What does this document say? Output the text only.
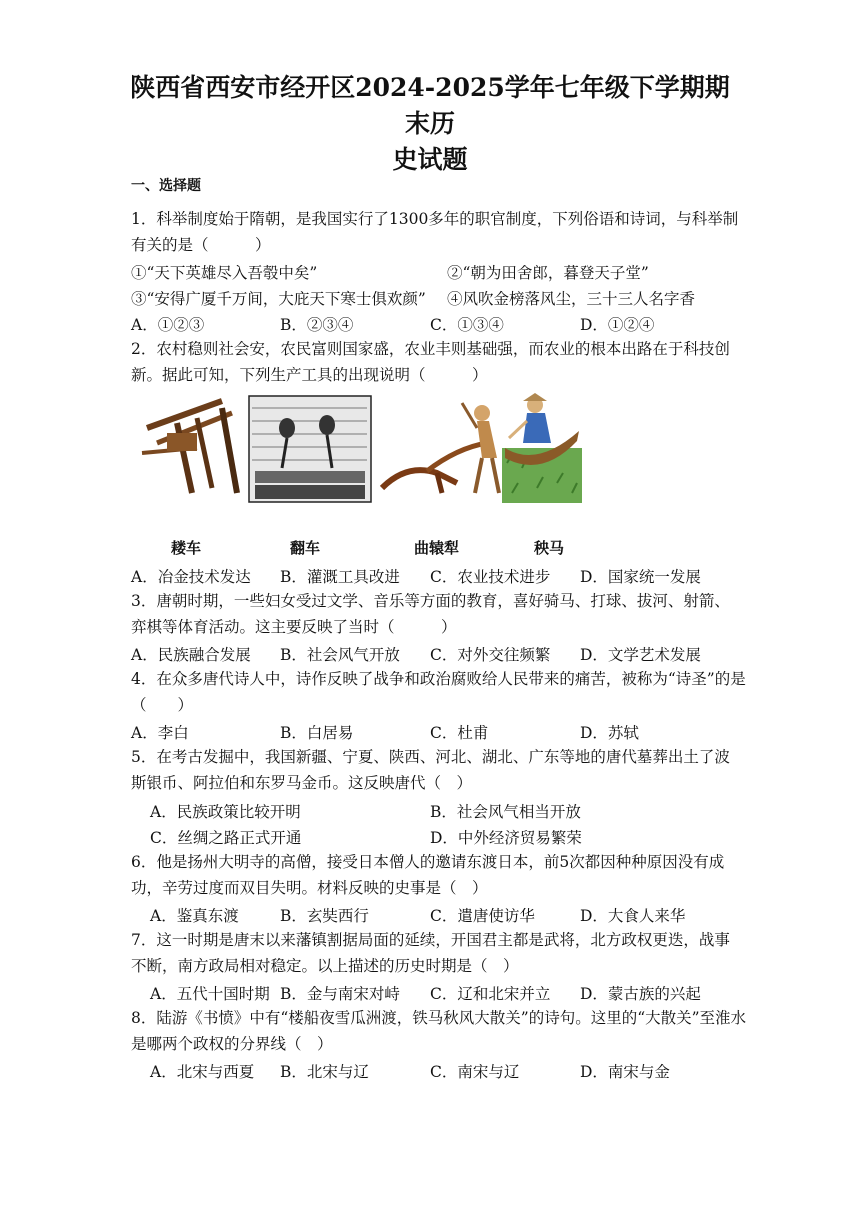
陕西省西安市经开区2024-2025学年七年级下学期期末历
史试题
一、选择题
1．科举制度始于隋朝，是我国实行了1300多年的职官制度，下列俗语和诗词，与科举制
有关的是（　　　）
①“天下英雄尽入吾彀中矣”	②“朝为田舍郎，暮登天子堂”
③“安得广厦千万间，大庇天下寒士俱欢颜” ④风吹金榜落风尘，三十三人名字香
A．①②③	B．②③④	C．①③④	D．①②④
2．农村稳则社会安，农民富则国家盛，农业丰则基础强，而农业的根本出路在于科技创
新。据此可知，下列生产工具的出现说明（　　　）
耧车	翻车	曲辕犁	秧马
A．冶金技术发达 B．灌溉工具改进 C．农业技术进步 D．国家统一发展
3．唐朝时期，一些妇女受过文学、音乐等方面的教育，喜好骑马、打球、拔河、射箭、
弈棋等体育活动。这主要反映了当时（　　　）
A．民族融合发展 B．社会风气开放 C．对外交往频繁 D．文学艺术发展
4．在众多唐代诗人中，诗作反映了战争和政治腐败给人民带来的痛苦，被称为“诗圣”的是
（　　）
A．李白	B．白居易	C．杜甫	D．苏轼
5．在考古发掘中，我国新疆、宁夏、陕西、河北、湖北、广东等地的唐代墓葬出土了波
斯银币、阿拉伯和东罗马金币。这反映唐代（　）
A．民族政策比较开明	B．社会风气相当开放
C．丝绸之路正式开通	D．中外经济贸易繁荣
6．他是扬州大明寺的高僧，接受日本僧人的邀请东渡日本，前5次都因种种原因没有成
功，辛劳过度而双目失明。材料反映的史事是（　）
A．鉴真东渡	B．玄奘西行	C．遣唐使访华	D．大食人来华
7．这一时期是唐末以来藩镇割据局面的延续，开国君主都是武将，北方政权更迭，战事
不断，南方政局相对稳定。以上描述的历史时期是（　）
A．五代十国时期 B．金与南宋对峙 C．辽和北宋并立 D．蒙古族的兴起
8．陆游《书愤》中有“楼船夜雪瓜洲渡，铁马秋风大散关”的诗句。这里的“大散关”至淮水
是哪两个政权的分界线（　）
A．北宋与西夏 B．北宋与辽	C．南宋与辽	D．南宋与金
